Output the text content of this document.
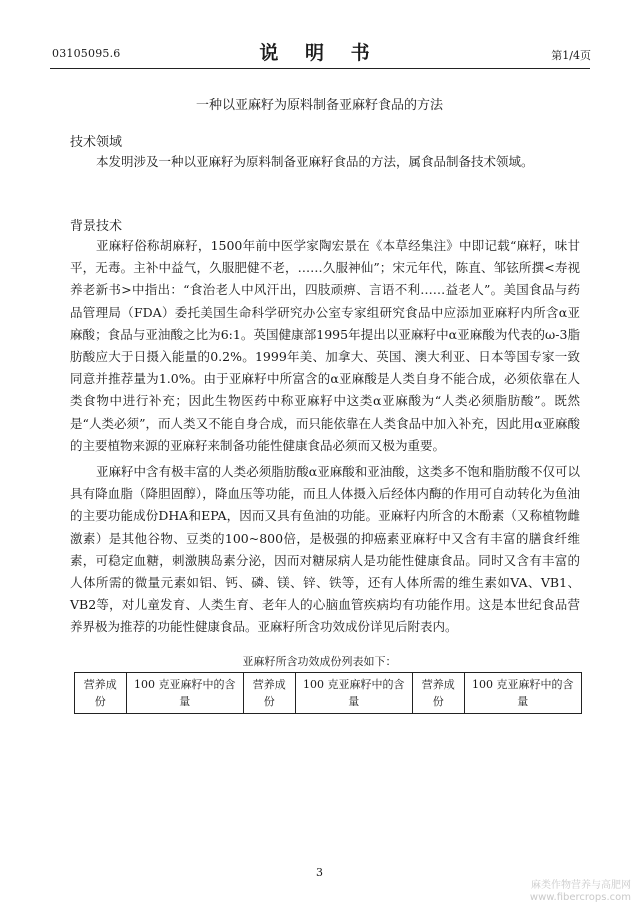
03105095.6	说 明 书	第1/4页
一种以亚麻籽为原料制备亚麻籽食品的方法
技术领域
本发明涉及一种以亚麻籽为原料制备亚麻籽食品的方法，属食品制备技术领域。
背景技术
亚麻籽俗称胡麻籽，1500年前中医学家陶宏景在《本草经集注》中即记载“麻籽，味甘平，无毒。主补中益气，久服肥健不老，……久服神仙”；宋元年代，陈直、邹铉所撰<寿视养老新书>中指出：“食治老人中风汗出，四肢顽痹、言语不利……益老人”。美国食品与药品管理局（FDA）委托美国生命科学研究办公室专家组研究食品中应添加亚麻籽内所含α亚麻酸；食品与亚油酸之比为6:1。英国健康部1995年提出以亚麻籽中α亚麻酸为代表的ω-3脂肪酸应大于日摄入能量的0.2%。1999年美、加拿大、英国、澳大利亚、日本等国专家一致同意并推荐量为1.0%。由于亚麻籽中所富含的α亚麻酸是人类自身不能合成，必须依靠在人类食物中进行补充；因此生物医药中称亚麻籽中这类α亚麻酸为“人类必须脂肪酸”。既然是“人类必须”，而人类又不能自身合成，而只能依靠在人类食品中加入补充，因此用α亚麻酸的主要植物来源的亚麻籽来制备功能性健康食品必须而又极为重要。
亚麻籽中含有极丰富的人类必须脂肪酸α亚麻酸和亚油酸，这类多不饱和脂肪酸不仅可以具有降血脂（降胆固醇），降血压等功能，而且人体摄入后经体内酶的作用可自动转化为鱼油的主要功能成份DHA和EPA，因而又具有鱼油的功能。亚麻籽内所含的木酚素（又称植物雌激素）是其他谷物、豆类的100~800倍，是极强的抑癌素亚麻籽中又含有丰富的膳食纤维素，可稳定血糖，刺激胰岛素分泌，因而对糖尿病人是功能性健康食品。同时又含有丰富的人体所需的微量元素如铝、钙、磷、镁、锌、铁等，还有人体所需的维生素如VA、VB1、VB2等，对儿童发育、人类生育、老年人的心脑血管疾病均有功能作用。这是本世纪食品营养界极为推荐的功能性健康食品。亚麻籽所含功效成份详见后附表内。
亚麻籽所含功效成份列表如下：
营养成份	100 克亚麻籽中的含量	营养成份	100 克亚麻籽中的含量	营养成份	100 克亚麻籽中的含量
3
麻类作物营养与高肥网
www.fibercrops.com
